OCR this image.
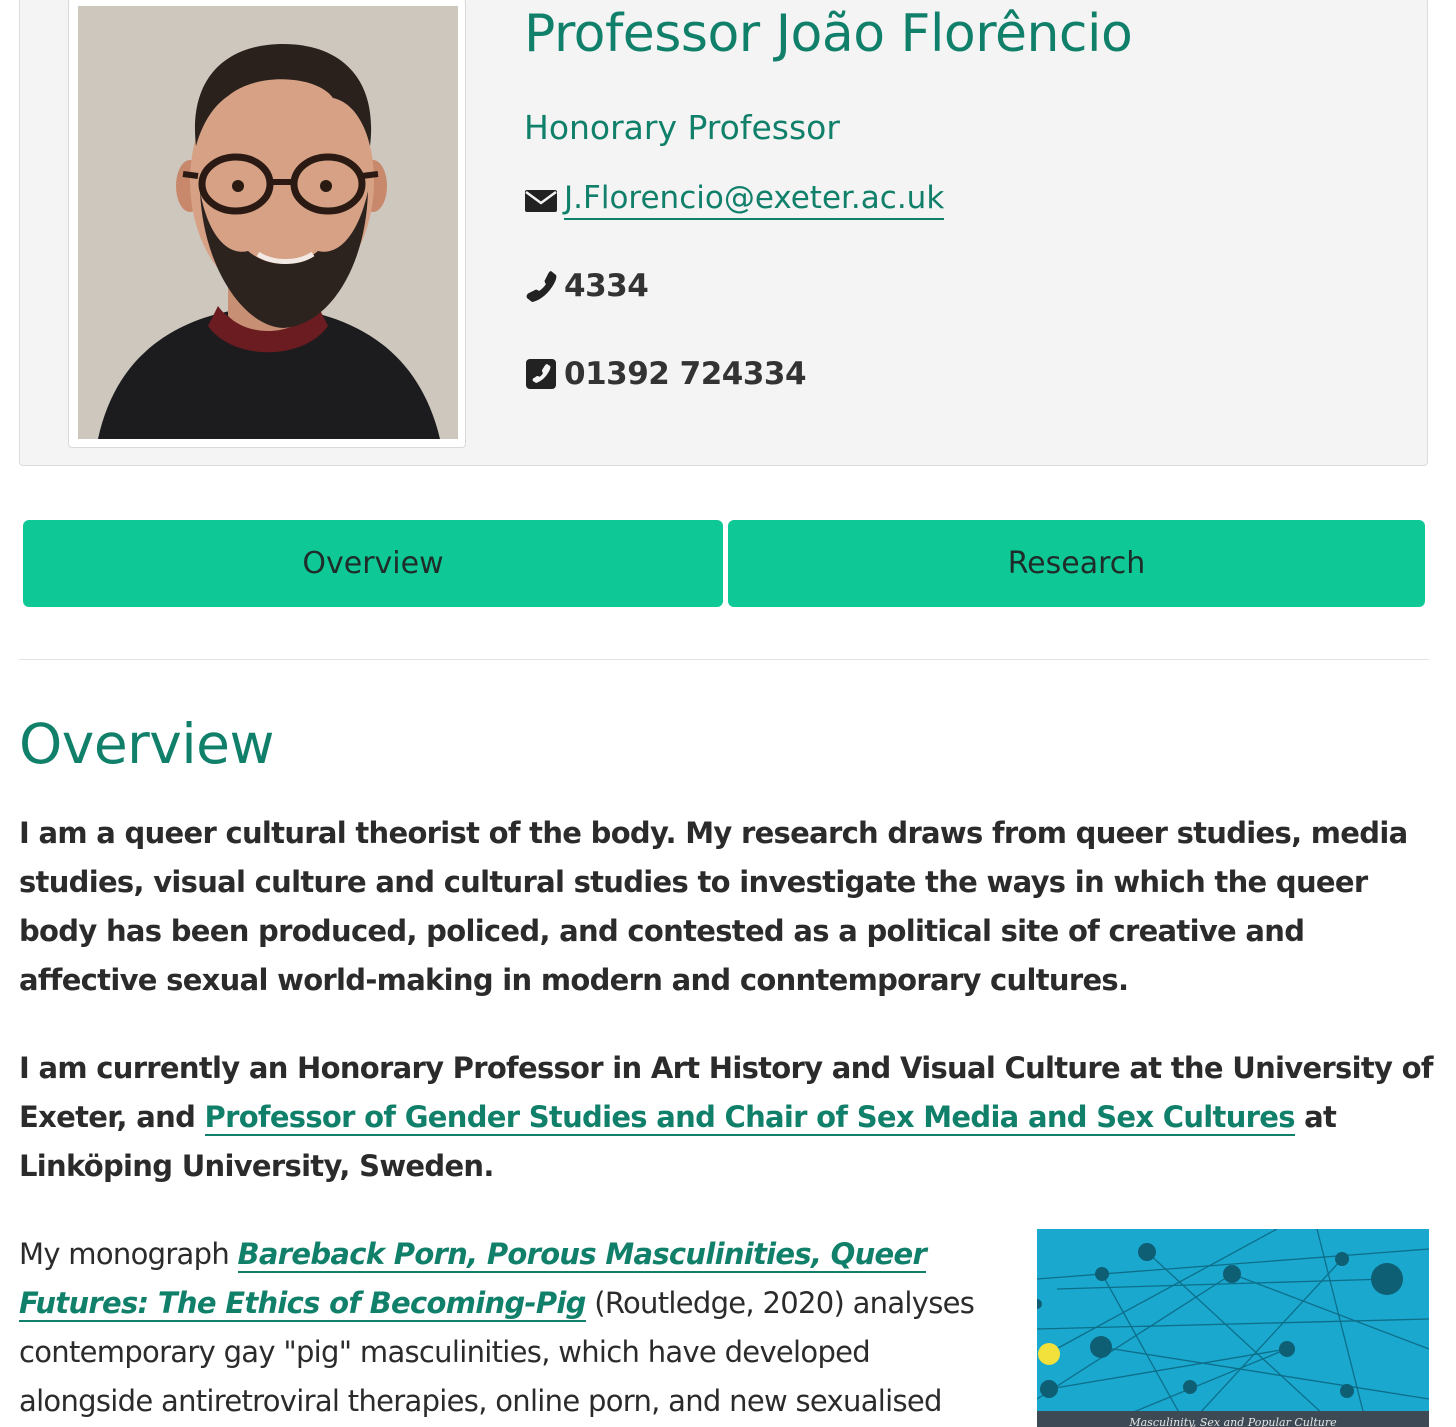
Professor João Florêncio
Honorary Professor
J.Florencio@exeter.ac.uk
4334
01392 724334
Overview	Research
Overview

I am a queer cultural theorist of the body. My research draws from queer studies, media studies, visual culture and cultural studies to investigate the ways in which the queer body has been produced, policed, and contested as a political site of creative and affective sexual world-making in modern and conntemporary cultures.

I am currently an Honorary Professor in Art History and Visual Culture at the University of Exeter, and Professor of Gender Studies and Chair of Sex Media and Sex Cultures at Linköping University, Sweden.

My monograph Bareback Porn, Porous Masculinities, Queer Futures: The Ethics of Becoming-Pig (Routledge, 2020) analyses contemporary gay "pig" masculinities, which have developed alongside antiretroviral therapies, online porn, and new sexualised

Masculinity, Sex and Popular Culture
